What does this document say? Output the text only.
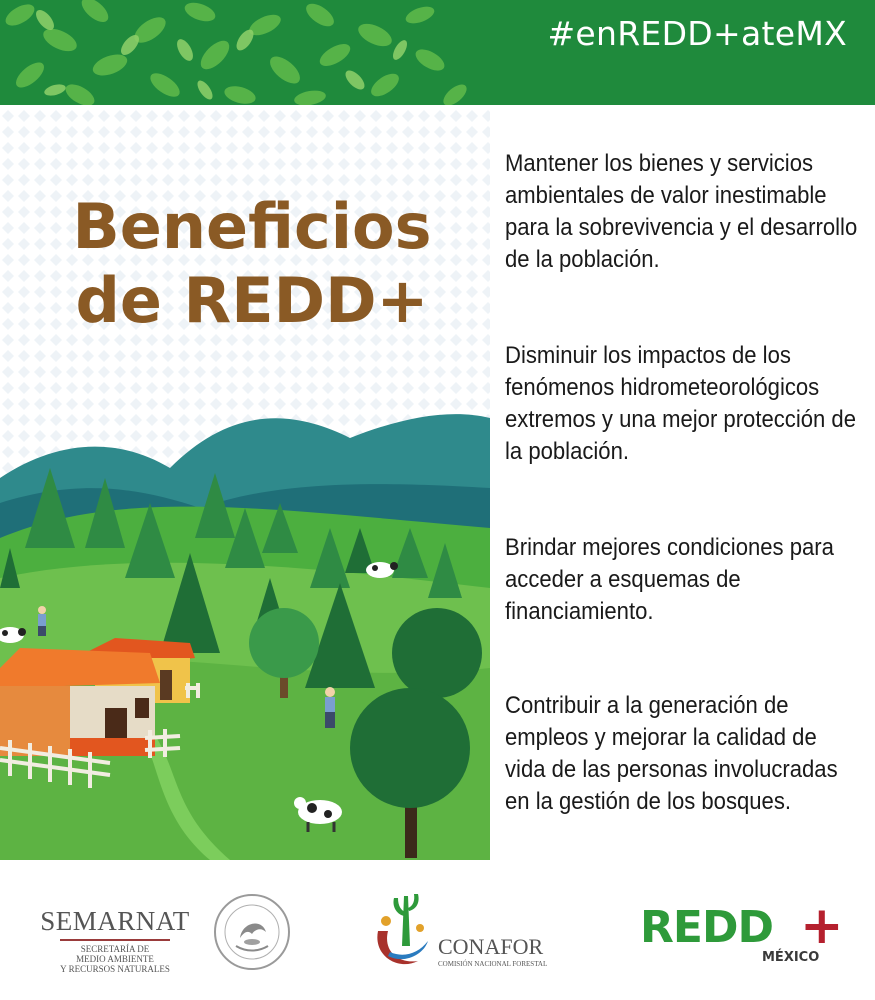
#enREDD+ateMX
Beneficios
de REDD+
Mantener los bienes y servicios ambientales de valor inestimable para la sobrevivencia y el desarrollo de la población.
Disminuir los impactos de los fenómenos hidrometeorológicos extremos y una mejor protección de la población.
Brindar mejores condiciones para acceder a esquemas de financiamiento.
Contribuir a la generación de empleos y mejorar la calidad de vida de las personas involucradas en la gestión de los bosques.
SEMARNAT
SECRETARÍA DE
MEDIO AMBIENTE
Y RECURSOS NATURALES
CONAFOR
COMISIÓN NACIONAL FORESTAL
REDD +
MÉXICO
